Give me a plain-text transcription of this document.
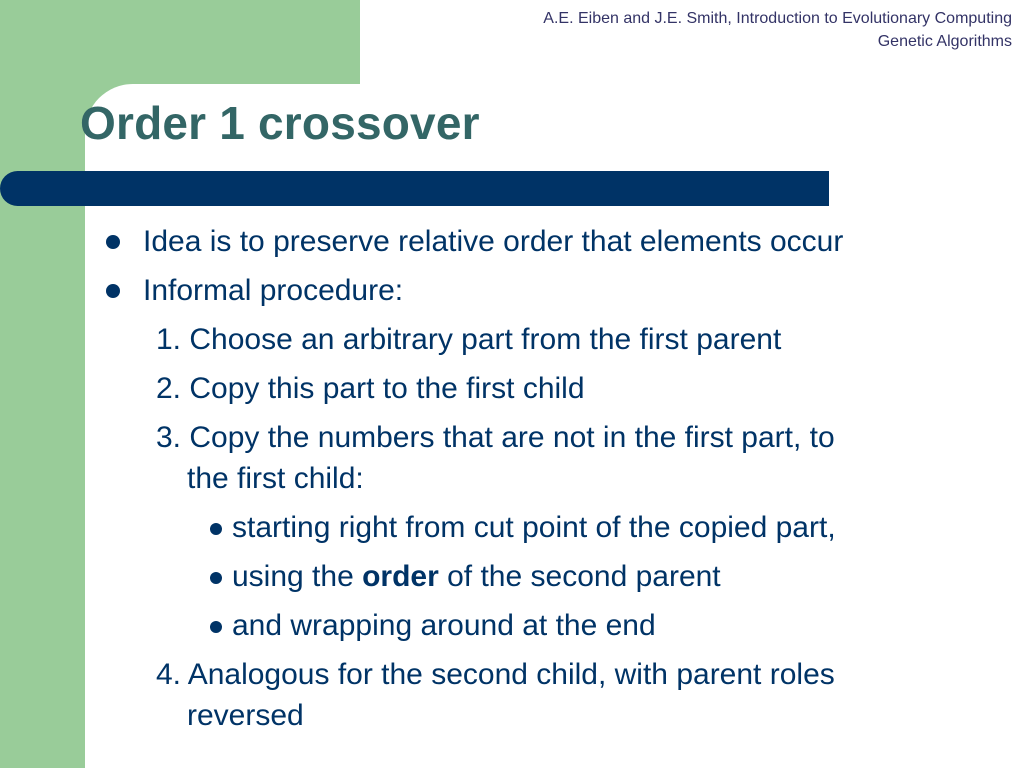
A.E. Eiben and J.E. Smith, Introduction to Evolutionary Computing
Genetic Algorithms
Order 1 crossover
Idea is to preserve relative order that elements occur
Informal procedure:
1. Choose an arbitrary part from the first parent
2. Copy this part to the first child
3. Copy the numbers that are not in the first part, to
the first child:
starting right from cut point of the copied part,
using the order of the second parent
and wrapping around at the end
4. Analogous for the second child, with parent roles
reversed
